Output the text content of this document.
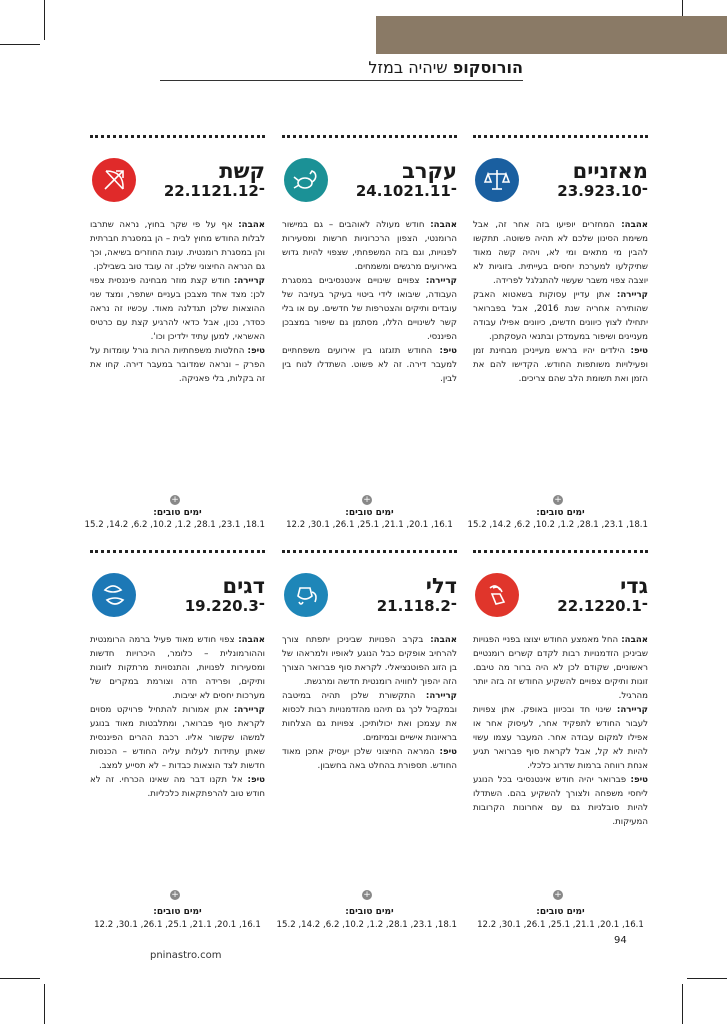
הורוסקופ שיהיה במזל
מאזניים
23.9־23.10

אהבה: המחזרים יופיעו בזה אחר זה, אבל משימת הסינון שלכם לא תהיה פשוטה. תתקשו להבין מי מתאים ומי לא, ויהיה קשה מאוד שתיקלעו למערכת יחסים בעייתית. בזוגיות לא יוצבה צפוי משבר שעשוי להתגלגל לפרידה.

קריירה: אתן עדיין עסוקות בשאטוא האבק שהותירה אחריה שנת 2016, אבל בפברואר יתחילו לצוץ כיוונים חדשים, כיוונים אפילו עבודה מעניינים ושיפור במעמדכן ובתנאי העסקתכן.

טיפ: הילדים יהיו בראש מעייניכן מבחינת זמן ופעילויות משותפות החודש. הקדישו להם את הזמן ואת תשומת הלב שהם צריכים.

+
ימים טובים:
18.1, 23.1, 28.1, 1.2, 10.2, 6.2, 14.2, 15.2
עקרב
24.10־21.11

אהבה: חודש מעולה לאוהבים – גם במישור הרומנטי, הצפון הרכרוניות חרשות ומסעירות לפגויות, וגם בזה המשפחתי, שצפוי להיות גדוש באירועים מרגשים ומשמחים.

קריירה: צפויים שינויים אינטנסיביים במסגרת העבודה, שיבואו לידי ביטוי בעיקר בעזיבה של עובדים ותיקים והצטרפות של חדשים. עם או בלי קשר לשינויים הללו, מסתמן גם שיפור במצבכן הפיננסי.

טיפ: החודש תזגזגו בין אירועים משפחתיים למעבר דירה. זה לא פשוט. השתדלו לנוח בין לבין.

+
ימים טובים:
16.1, 20.1, 21.1, 25.1, 26.1, 30.1, 12.2
קשת
22.11־21.12

אהבה: אף על פי שקר בחוץ, נראה שתרבו לבלות החודש מחוץ לבית – הן במסגרת חברתית והן במסגרת רומנטית. עוגת החוזרים בשיאה, וכך גם הנראה החיצוני שלכן. זה עובד טוב בשבילכן.

קריירה: חודש קצת מוזר מבחינה פיננסית צפוי לכן: מצד אחד מצבכן בעניים ישתפר, ומצד שני ההוצאות שלכן תגדלנה מאוד. עכשיו זה נראה כסדר, נכון, אבל כדאי להרגיע קצת עם כרטיס האשראי, למען עתיד ילדיכן וכו'.

טיפ: החלטות משפחתיות הרות גורל עומדות על הפרק – ונראה שמדובר במעבר דירה. קחו את זה בקלות, בלי פאניקה.

+
ימים טובים:
18.1, 23.1, 28.1, 1.2, 10.2, 6.2, 14.2, 15.2
גדי
22.12־20.1

אהבה: החל מאמצע החודש יצוצו בפניי הפגויות שביניכן הזדמנויות רבות לקדם קשרים רומנטיים ראשוניים, שקודם לכן לא היה ברור מה טיבם. זוגות ותיקים צפויים להשקיע החודש זה בזה יותר מהרגיל.

קריירה: שינוי חד ובכיוון באופק. אתן צפויות לעבור החודש לתפקיד אחר, לעיסוק אחר או אפילו למקום עבודה אחר. המעבר עצמו עשוי להיות לא קל, אבל לקראת סוף פברואר תגיע אנחת רווחה ברמות שדרוג כלכלי.

טיפ: פברואר יהיה חודש אינטנסיבי בכל הנוגע ליחסי משפחה ולצורך להשקיע בהם. השתדלו להיות סובלניות גם עם אחרונות הקרובות המעיקות.

+
ימים טובים:
16.1, 20.1, 21.1, 25.1, 26.1, 30.1, 12.2
דלי
21.1־18.2

אהבה: בקרב הפנויות שביניכן יתפתח צורך להרחיב אופקים כבל הנוגע לאופיו ולמראהו של בן הזוג הפוטנציאלי. לקראת סוף פברואר הצורך הזה יהפוך לחוויה רומנטית חדשה ומרגשת.

קריירה: התקשורת שלכן תהיה במיטבה ובמקביל לכך גם תיהנו מהזדמנויות רבות לכסוא את עצמכן ואת יכולותיכן. צפויות גם הצלחות בראיונות אישיים ובמיזמים.

טיפ: המראה החיצוני שלכן יעסיק אתכן מאוד החודש. תספורת בהחלט באה בחשבון.

+
ימים טובים:
18.1, 23.1, 28.1, 1.2, 10.2, 6.2, 14.2, 15.2
דגים
19.2־20.3

אהבה: צפוי חודש מאוד פעיל ברמה הרומנטית וההורמונלית – כלומר, היכרויות חדשות ומסעירות לפנויות, והתנסויות מרתקות לזוגות ותיקים, ופרידה חדה וצורמת במקרים של מערכות יחסים לא יציבות.

קריירה: אתן אמורות להתחיל פרויקט מסוים לקראת סוף פברואר, ומתלבטות מאוד בנוגע למשהו שקשור אליו. רכבת ההרים הפיננסית שאתן עתידות לעלות עליה החודש – הכנסות חדשות לצד הוצאות כבדות – לא תסייע למצב.

טיפ: אל תקנו דבר מה שאינו הכרחי. זה לא חודש טוב להרפתקאות כלכליות.

+
ימים טובים:
16.1, 20.1, 21.1, 25.1, 26.1, 30.1, 12.2
94
pninastro.com
